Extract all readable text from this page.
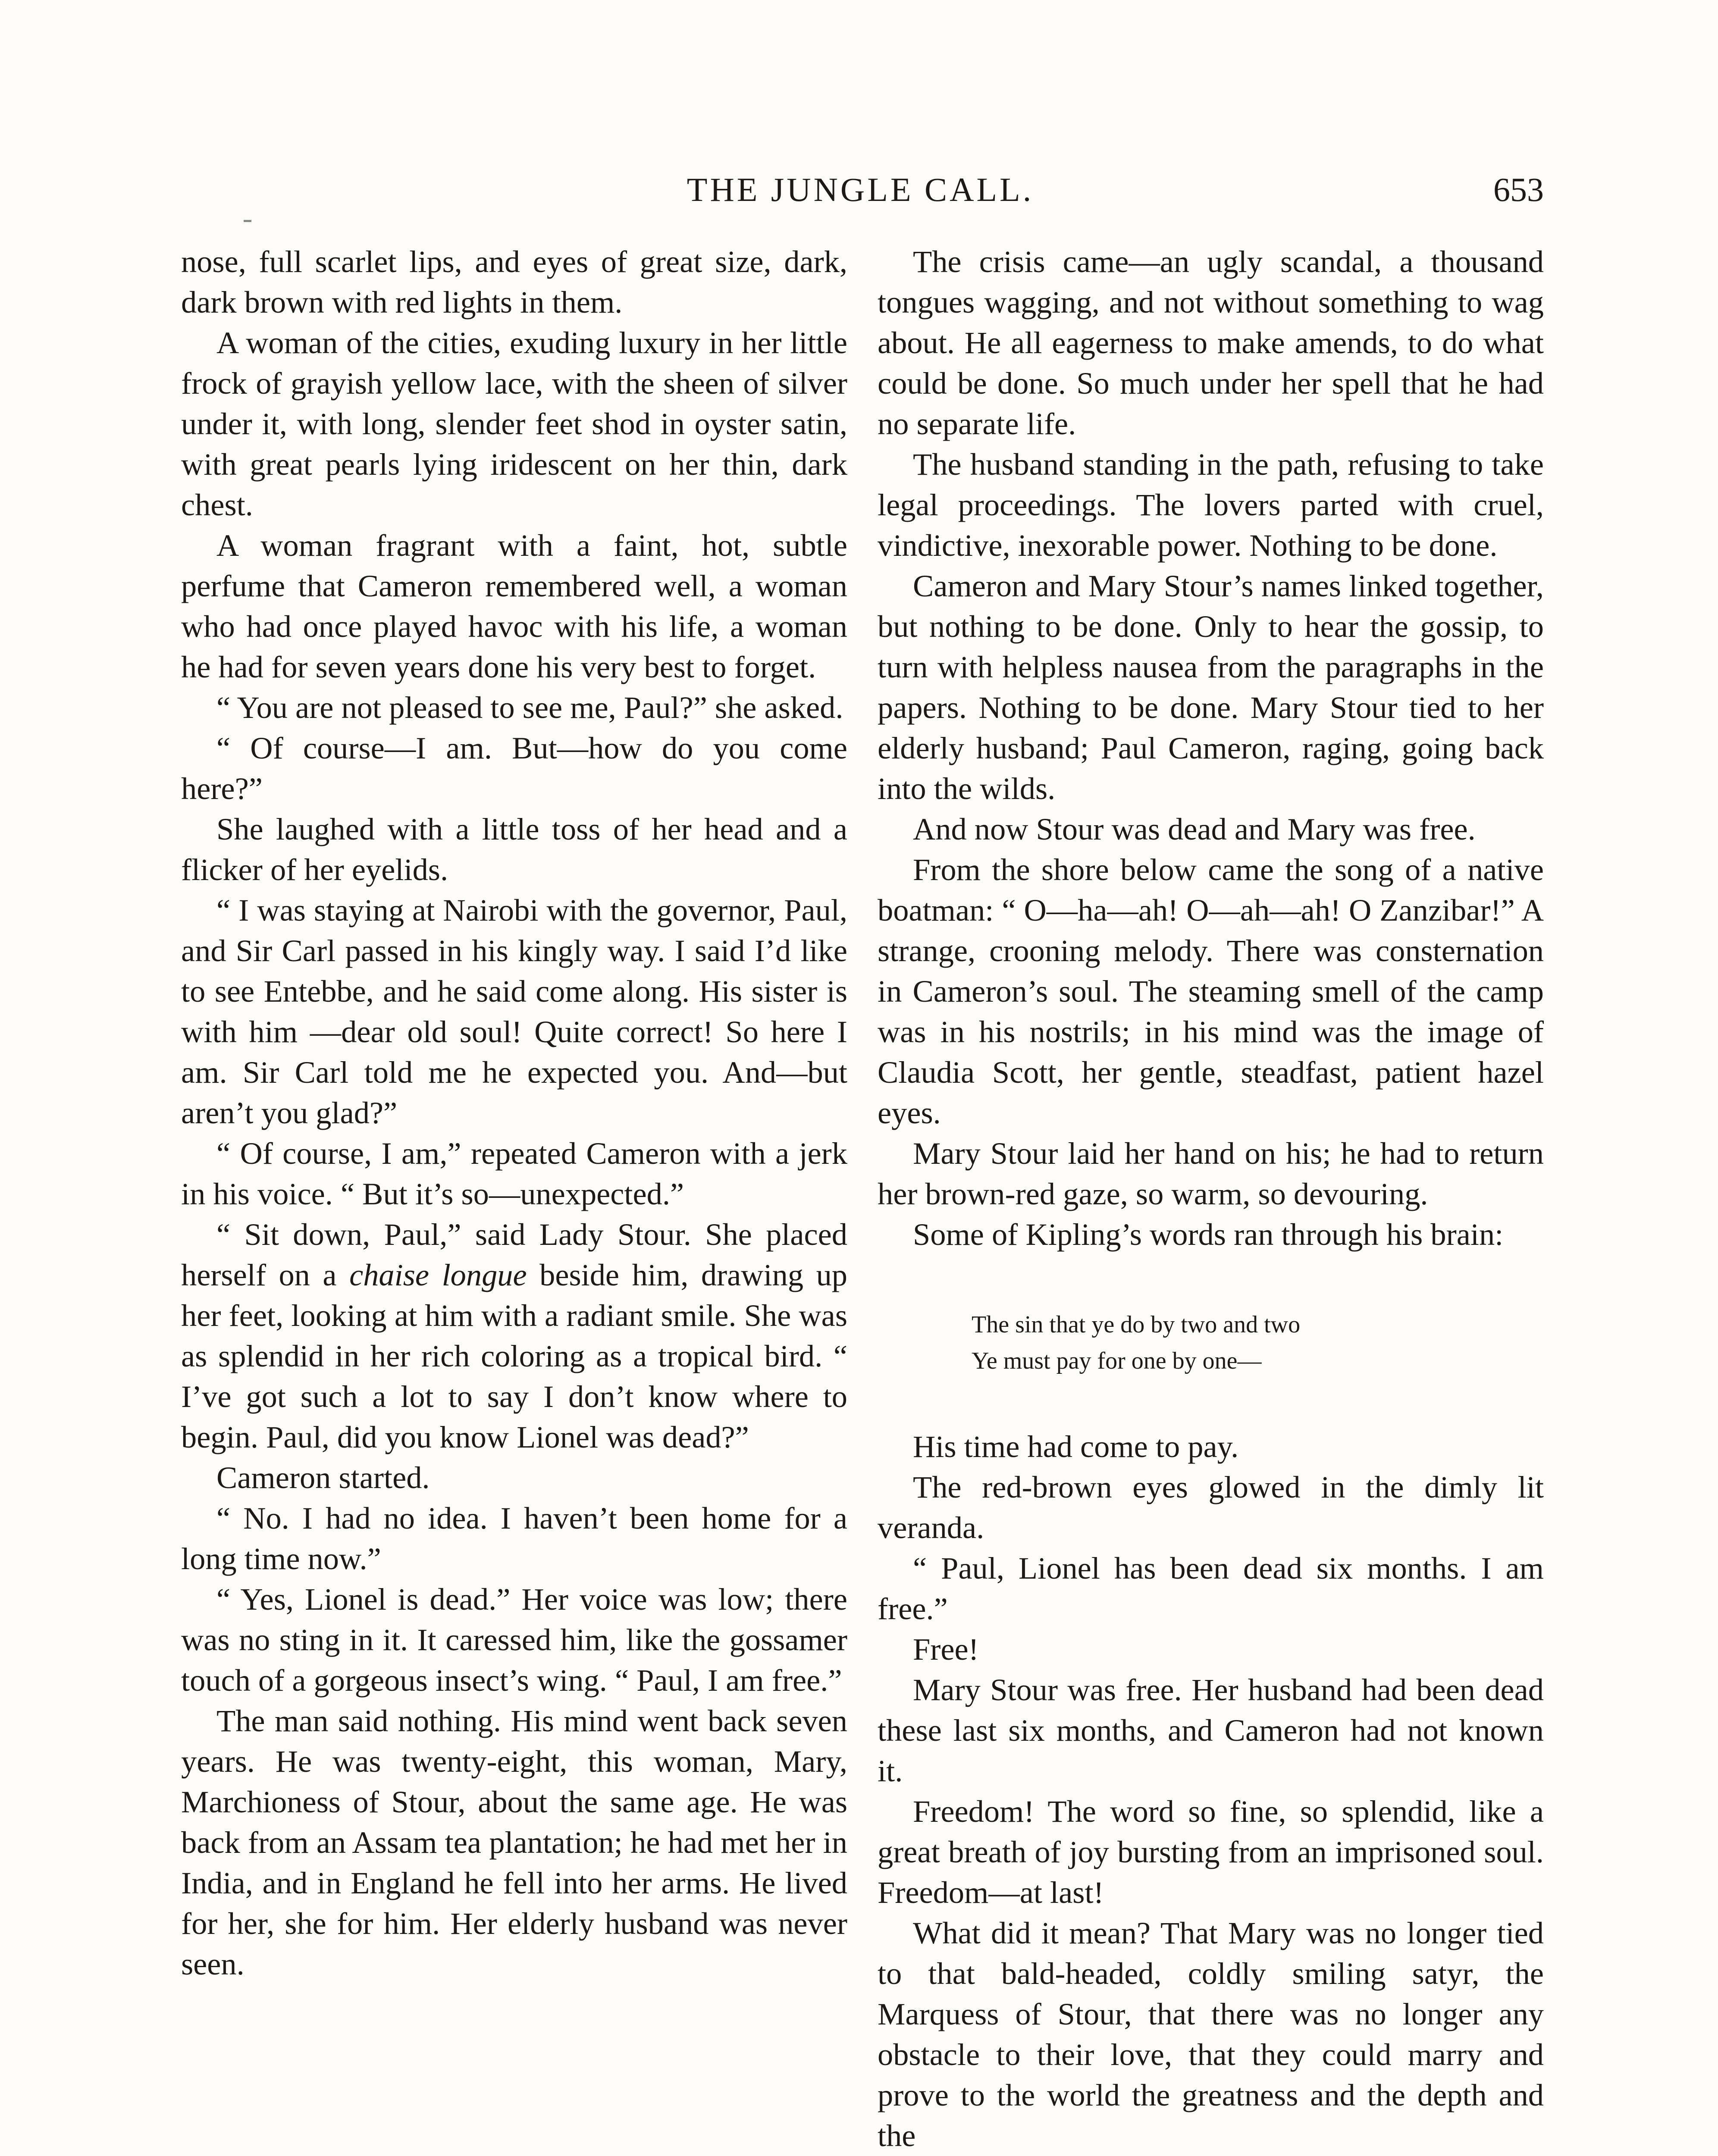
THE JUNGLE CALL.	653

nose, full scarlet lips, and eyes of great size, dark, dark brown with red lights in them.

A woman of the cities, exuding luxury in her little frock of grayish yellow lace, with the sheen of silver under it, with long, slender feet shod in oyster satin, with great pearls lying iridescent on her thin, dark chest.

A woman fragrant with a faint, hot, subtle perfume that Cameron remembered well, a woman who had once played havoc with his life, a woman he had for seven years done his very best to forget.

“ You are not pleased to see me, Paul?” she asked.

“ Of course—I am. But—how do you come here?”

She laughed with a little toss of her head and a flicker of her eyelids.

“ I was staying at Nairobi with the governor, Paul, and Sir Carl passed in his kingly way. I said I’d like to see Entebbe, and he said come along. His sister is with him —dear old soul! Quite correct! So here I am. Sir Carl told me he expected you. And—but aren’t you glad?”

“ Of course, I am,” repeated Cameron with a jerk in his voice. “ But it’s so—unexpected.”

“ Sit down, Paul,” said Lady Stour. She placed herself on a chaise longue beside him, drawing up her feet, looking at him with a radiant smile. She was as splendid in her rich coloring as a tropical bird. “ I’ve got such a lot to say I don’t know where to begin. Paul, did you know Lionel was dead?”

Cameron started.

“ No. I had no idea. I haven’t been home for a long time now.”

“ Yes, Lionel is dead.” Her voice was low; there was no sting in it. It caressed him, like the gossamer touch of a gorgeous insect’s wing. “ Paul, I am free.”

The man said nothing. His mind went back seven years. He was twenty-eight, this woman, Mary, Marchioness of Stour, about the same age. He was back from an Assam tea plantation; he had met her in India, and in England he fell into her arms. He lived for her, she for him. Her elderly husband was never seen.

The crisis came—an ugly scandal, a thousand tongues wagging, and not without something to wag about. He all eagerness to make amends, to do what could be done. So much under her spell that he had no separate life.

The husband standing in the path, refusing to take legal proceedings. The lovers parted with cruel, vindictive, inexorable power. Nothing to be done.

Cameron and Mary Stour’s names linked together, but nothing to be done. Only to hear the gossip, to turn with helpless nausea from the paragraphs in the papers. Nothing to be done. Mary Stour tied to her elderly husband; Paul Cameron, raging, going back into the wilds.

And now Stour was dead and Mary was free.

From the shore below came the song of a native boatman: “ O—ha—ah! O—ah—ah! O Zanzibar!” A strange, crooning melody. There was consternation in Cameron’s soul. The steaming smell of the camp was in his nostrils; in his mind was the image of Claudia Scott, her gentle, steadfast, patient hazel eyes.

Mary Stour laid her hand on his; he had to return her brown-red gaze, so warm, so devouring.

Some of Kipling’s words ran through his brain:

The sin that ye do by two and two
Ye must pay for one by one—

His time had come to pay.

The red-brown eyes glowed in the dimly lit veranda.

“ Paul, Lionel has been dead six months. I am free.”

Free!

Mary Stour was free. Her husband had been dead these last six months, and Cameron had not known it.

Freedom! The word so fine, so splendid, like a great breath of joy bursting from an imprisoned soul. Freedom—at last!

What did it mean? That Mary was no longer tied to that bald-headed, coldly smiling satyr, the Marquess of Stour, that there was no longer any obstacle to their love, that they could marry and prove to the world the greatness and the depth and the
